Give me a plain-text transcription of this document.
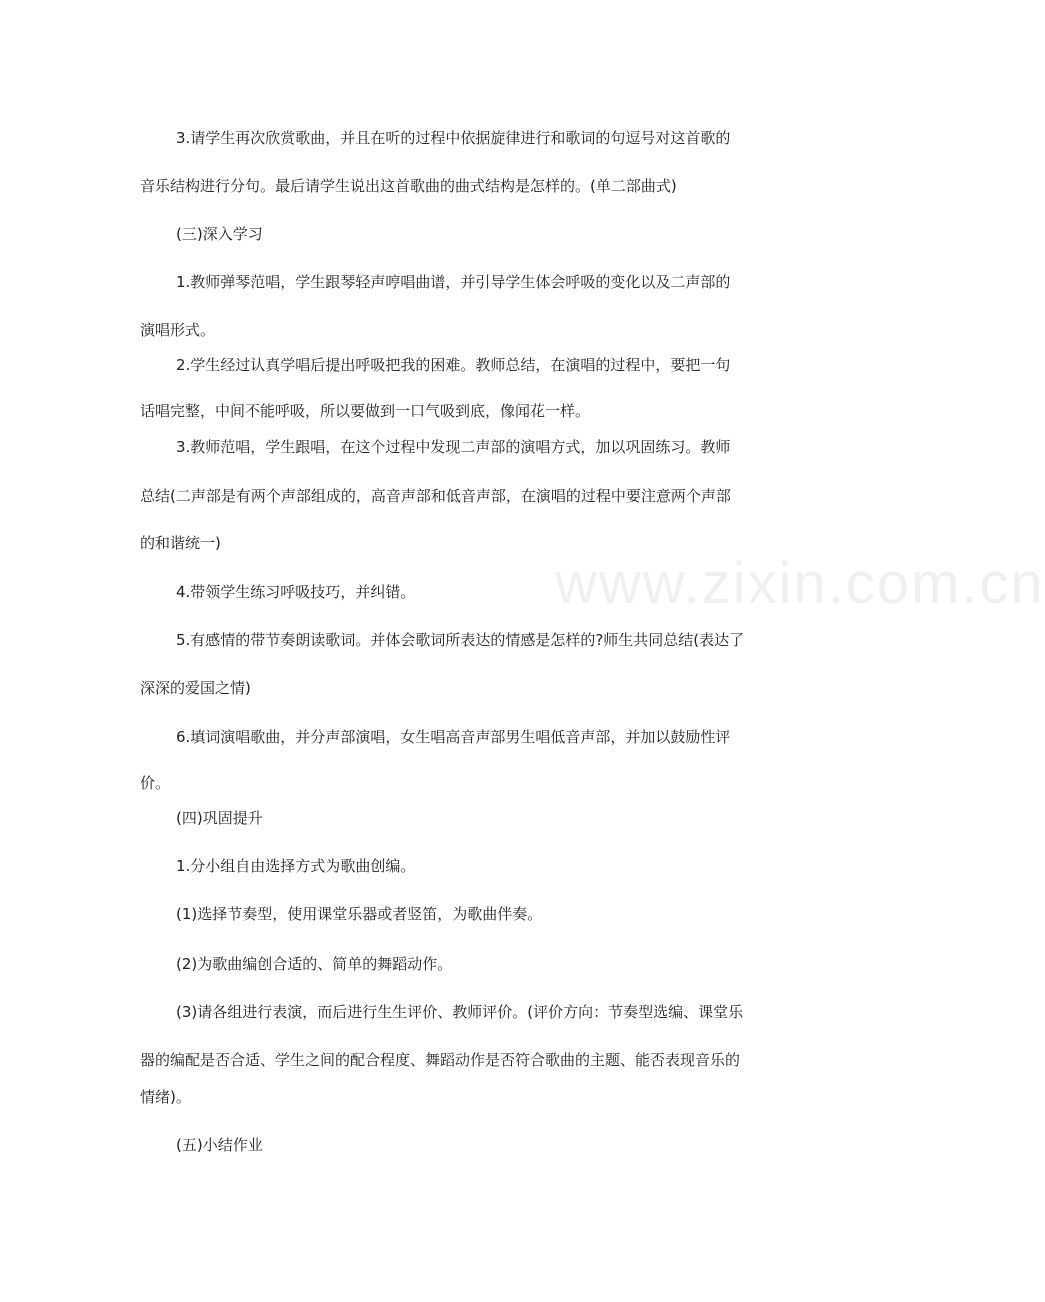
www.zixin.com.cn
3.请学生再次欣赏歌曲，并且在听的过程中依据旋律进行和歌词的句逗号对这首歌的
音乐结构进行分句。最后请学生说出这首歌曲的曲式结构是怎样的。(单二部曲式)
(三)深入学习
1.教师弹琴范唱，学生跟琴轻声哼唱曲谱，并引导学生体会呼吸的变化以及二声部的
演唱形式。
2.学生经过认真学唱后提出呼吸把我的困难。教师总结，在演唱的过程中，要把一句
话唱完整，中间不能呼吸，所以要做到一口气吸到底，像闻花一样。
3.教师范唱，学生跟唱，在这个过程中发现二声部的演唱方式，加以巩固练习。教师
总结(二声部是有两个声部组成的，高音声部和低音声部，在演唱的过程中要注意两个声部
的和谐统一)
4.带领学生练习呼吸技巧，并纠错。
5.有感情的带节奏朗读歌词。并体会歌词所表达的情感是怎样的?师生共同总结(表达了
深深的爱国之情)
6.填词演唱歌曲，并分声部演唱，女生唱高音声部男生唱低音声部，并加以鼓励性评
价。
(四)巩固提升
1.分小组自由选择方式为歌曲创编。
(1)选择节奏型，使用课堂乐器或者竖笛，为歌曲伴奏。
(2)为歌曲编创合适的、简单的舞蹈动作。
(3)请各组进行表演，而后进行生生评价、教师评价。(评价方向：节奏型选编、课堂乐
器的编配是否合适、学生之间的配合程度、舞蹈动作是否符合歌曲的主题、能否表现音乐的
情绪)。
(五)小结作业
